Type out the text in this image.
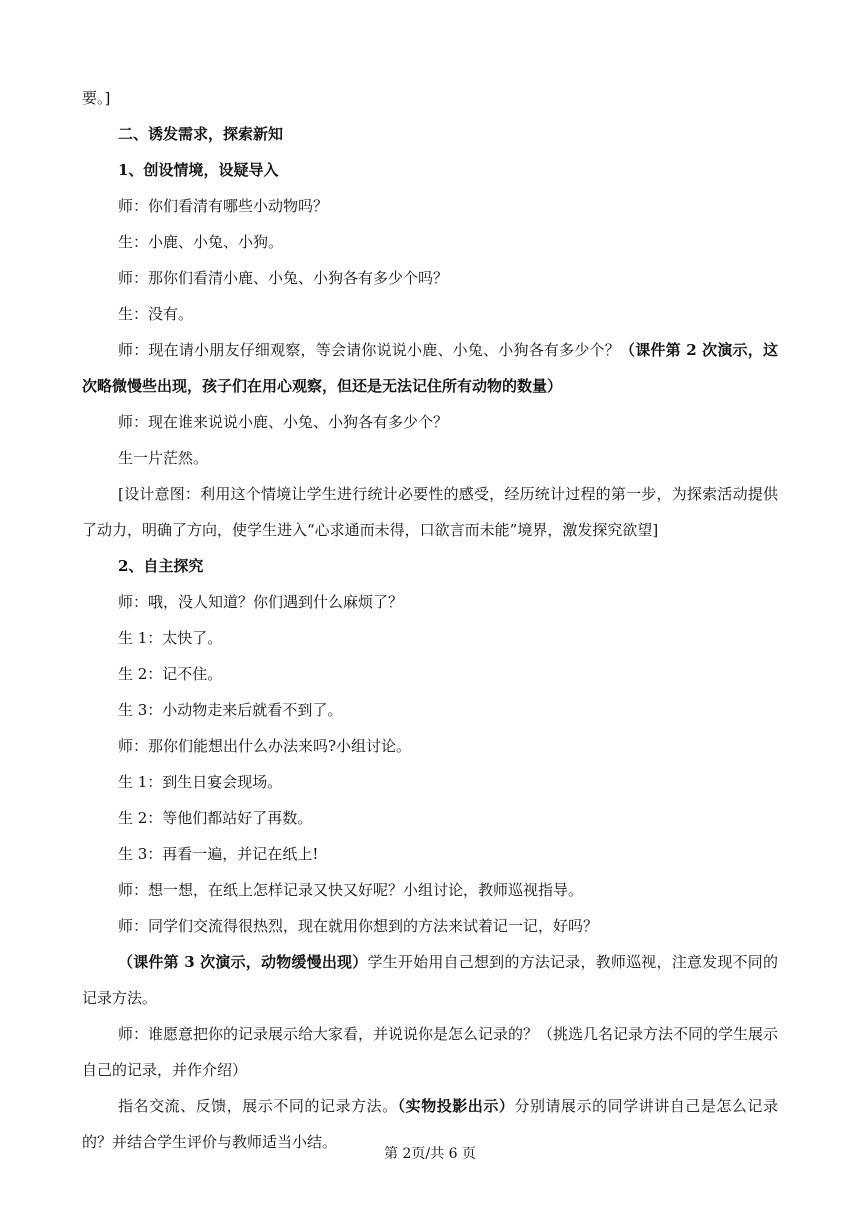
要。]

二、诱发需求，探索新知

1、创设情境，设疑导入

师：你们看清有哪些小动物吗？

生：小鹿、小兔、小狗。

师：那你们看清小鹿、小兔、小狗各有多少个吗？

生：没有。

师：现在请小朋友仔细观察，等会请你说说小鹿、小兔、小狗各有多少个？（课件第 2 次演示，这次略微慢些出现，孩子们在用心观察，但还是无法记住所有动物的数量）

师：现在谁来说说小鹿、小兔、小狗各有多少个？

生一片茫然。

[设计意图：利用这个情境让学生进行统计必要性的感受，经历统计过程的第一步，为探索活动提供了动力，明确了方向，使学生进入“心求通而未得，口欲言而未能”境界，激发探究欲望]

2、自主探究

师：哦，没人知道？你们遇到什么麻烦了？

生 1：太快了。

生 2：记不住。

生 3：小动物走来后就看不到了。

师：那你们能想出什么办法来吗?小组讨论。

生 1：到生日宴会现场。

生 2：等他们都站好了再数。

生 3：再看一遍，并记在纸上!

师：想一想，在纸上怎样记录又快又好呢？小组讨论，教师巡视指导。

师：同学们交流得很热烈，现在就用你想到的方法来试着记一记，好吗？

（课件第 3 次演示，动物缓慢出现）学生开始用自己想到的方法记录，教师巡视，注意发现不同的记录方法。

师：谁愿意把你的记录展示给大家看，并说说你是怎么记录的？（挑选几名记录方法不同的学生展示自己的记录，并作介绍）

指名交流、反馈，展示不同的记录方法。（实物投影出示）分别请展示的同学讲讲自己是怎么记录的？并结合学生评价与教师适当小结。

第 2页/共 6 页
